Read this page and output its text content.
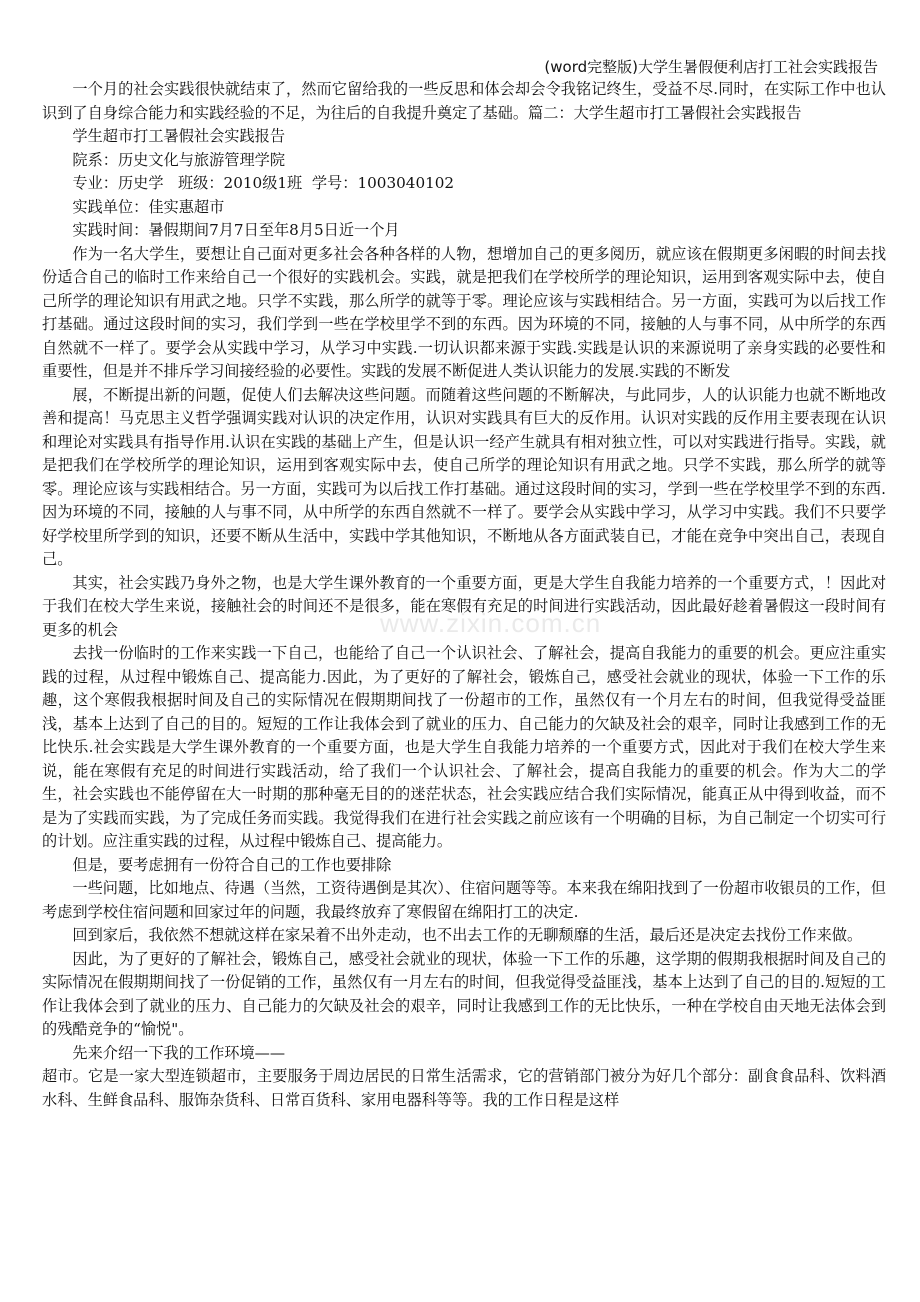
(word完整版)大学生暑假便利店打工社会实践报告
www.zixin.com.cn

一个月的社会实践很快就结束了，然而它留给我的一些反思和体会却会令我铭记终生，受益不尽.同时，在实际工作中也认识到了自身综合能力和实践经验的不足，为往后的自我提升奠定了基础。篇二：大学生超市打工暑假社会实践报告

学生超市打工暑假社会实践报告

院系：历史文化与旅游管理学院

专业：历史学   班级：2010级1班  学号：1003040102

实践单位：佳实惠超市

实践时间：暑假期间7月7日至年8月5日近一个月

作为一名大学生，要想让自己面对更多社会各种各样的人物，想增加自己的更多阅历，就应该在假期更多闲暇的时间去找份适合自己的临时工作来给自己一个很好的实践机会。实践，就是把我们在学校所学的理论知识，运用到客观实际中去，使自己所学的理论知识有用武之地。只学不实践，那么所学的就等于零。理论应该与实践相结合。另一方面，实践可为以后找工作打基础。通过这段时间的实习，我们学到一些在学校里学不到的东西。因为环境的不同，接触的人与事不同，从中所学的东西自然就不一样了。要学会从实践中学习，从学习中实践.一切认识都来源于实践.实践是认识的来源说明了亲身实践的必要性和重要性，但是并不排斥学习间接经验的必要性。实践的发展不断促进人类认识能力的发展.实践的不断发

展，不断提出新的问题，促使人们去解决这些问题。而随着这些问题的不断解决，与此同步，人的认识能力也就不断地改善和提高！马克思主义哲学强调实践对认识的决定作用，认识对实践具有巨大的反作用。认识对实践的反作用主要表现在认识和理论对实践具有指导作用.认识在实践的基础上产生，但是认识一经产生就具有相对独立性，可以对实践进行指导。实践，就是把我们在学校所学的理论知识，运用到客观实际中去，使自己所学的理论知识有用武之地。只学不实践，那么所学的就等零。理论应该与实践相结合。另一方面，实践可为以后找工作打基础。通过这段时间的实习，学到一些在学校里学不到的东西.因为环境的不同，接触的人与事不同，从中所学的东西自然就不一样了。要学会从实践中学习，从学习中实践。我们不只要学好学校里所学到的知识，还要不断从生活中，实践中学其他知识，不断地从各方面武装自已，才能在竞争中突出自己，表现自己。

其实，社会实践乃身外之物，也是大学生课外教育的一个重要方面，更是大学生自我能力培养的一个重要方式，！因此对于我们在校大学生来说，接触社会的时间还不是很多，能在寒假有充足的时间进行实践活动，因此最好趁着暑假这一段时间有更多的机会

去找一份临时的工作来实践一下自己，也能给了自己一个认识社会、了解社会，提高自我能力的重要的机会。更应注重实践的过程，从过程中锻炼自己、提高能力.因此，为了更好的了解社会，锻炼自己，感受社会就业的现状，体验一下工作的乐趣，这个寒假我根据时间及自己的实际情况在假期期间找了一份超市的工作，虽然仅有一个月左右的时间，但我觉得受益匪浅，基本上达到了自己的目的。短短的工作让我体会到了就业的压力、自己能力的欠缺及社会的艰辛，同时让我感到工作的无比快乐.社会实践是大学生课外教育的一个重要方面，也是大学生自我能力培养的一个重要方式，因此对于我们在校大学生来说，能在寒假有充足的时间进行实践活动，给了我们一个认识社会、了解社会，提高自我能力的重要的机会。作为大二的学生，社会实践也不能停留在大一时期的那种毫无目的的迷茫状态，社会实践应结合我们实际情况，能真正从中得到收益，而不是为了实践而实践，为了完成任务而实践。我觉得我们在进行社会实践之前应该有一个明确的目标，为自己制定一个切实可行的计划。应注重实践的过程，从过程中锻炼自己、提高能力。

但是，要考虑拥有一份符合自己的工作也要排除

一些问题，比如地点、待遇（当然，工资待遇倒是其次）、住宿问题等等。本来我在绵阳找到了一份超市收银员的工作，但考虑到学校住宿问题和回家过年的问题，我最终放弃了寒假留在绵阳打工的决定.

回到家后，我依然不想就这样在家呆着不出外走动，也不出去工作的无聊颓靡的生活，最后还是决定去找份工作来做。

因此，为了更好的了解社会，锻炼自己，感受社会就业的现状，体验一下工作的乐趣，这学期的假期我根据时间及自己的实际情况在假期期间找了一份促销的工作，虽然仅有一月左右的时间，但我觉得受益匪浅，基本上达到了自己的目的.短短的工作让我体会到了就业的压力、自己能力的欠缺及社会的艰辛，同时让我感到工作的无比快乐，一种在学校自由天地无法体会到的残酷竞争的“愉悦"。

先来介绍一下我的工作环境——

超市。它是一家大型连锁超市，主要服务于周边居民的日常生活需求，它的营销部门被分为好几个部分：副食食品科、饮料酒水科、生鲜食品科、服饰杂货科、日常百货科、家用电器科等等。我的工作日程是这样
